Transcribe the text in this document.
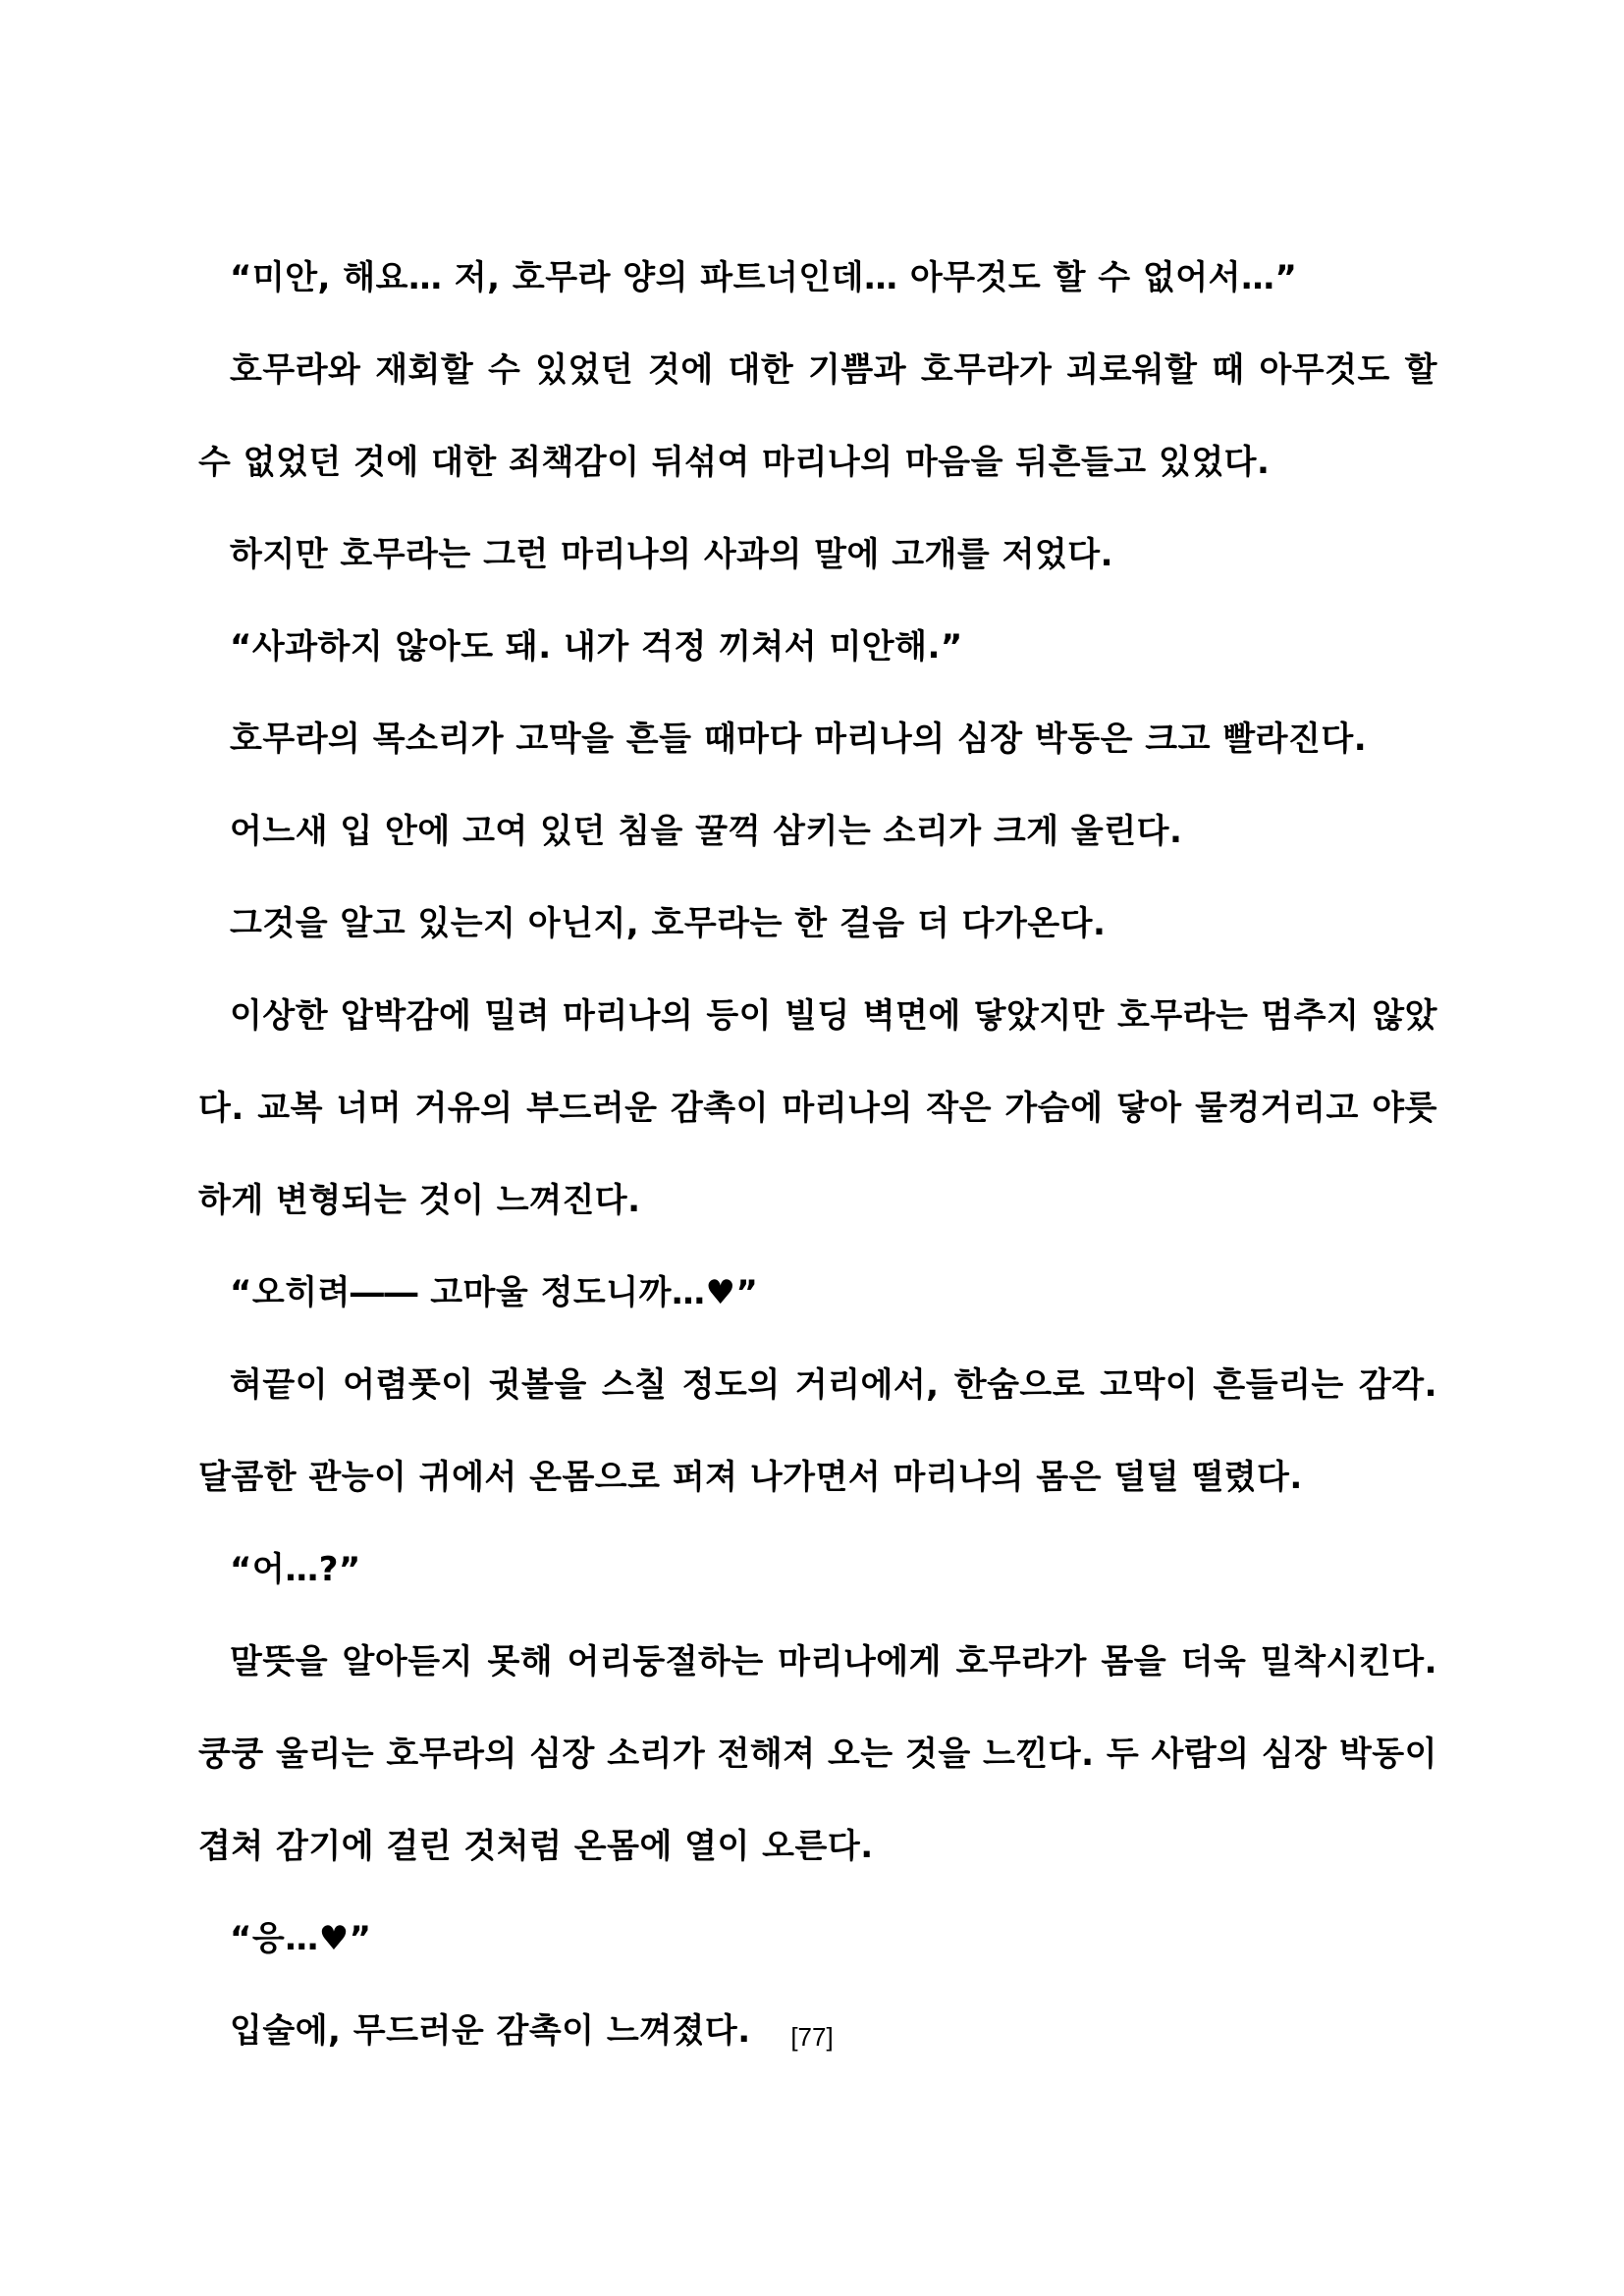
“미안, 해요… 저, 호무라 양의 파트너인데… 아무것도 할 수 없어서…”

호무라와 재회할 수 있었던 것에 대한 기쁨과 호무라가 괴로워할 때 아무것도 할 수 없었던 것에 대한 죄책감이 뒤섞여 마리나의 마음을 뒤흔들고 있었다.

하지만 호무라는 그런 마리나의 사과의 말에 고개를 저었다.

“사과하지 않아도 돼. 내가 걱정 끼쳐서 미안해.”

호무라의 목소리가 고막을 흔들 때마다 마리나의 심장 박동은 크고 빨라진다.

어느새 입 안에 고여 있던 침을 꿀꺽 삼키는 소리가 크게 울린다.

그것을 알고 있는지 아닌지, 호무라는 한 걸음 더 다가온다.

이상한 압박감에 밀려 마리나의 등이 빌딩 벽면에 닿았지만 호무라는 멈추지 않았다. 교복 너머 거유의 부드러운 감촉이 마리나의 작은 가슴에 닿아 물컹거리고 야릇하게 변형되는 것이 느껴진다.

“오히려―― 고마울 정도니까…♥”

혀끝이 어렴풋이 귓볼을 스칠 정도의 거리에서, 한숨으로 고막이 흔들리는 감각. 달콤한 관능이 귀에서 온몸으로 퍼져 나가면서 마리나의 몸은 덜덜 떨렸다.

“어…?”

말뜻을 알아듣지 못해 어리둥절하는 마리나에게 호무라가 몸을 더욱 밀착시킨다. 쿵쿵 울리는 호무라의 심장 소리가 전해져 오는 것을 느낀다. 두 사람의 심장 박동이 겹쳐 감기에 걸린 것처럼 온몸에 열이 오른다.

“응…♥”

입술에, 무드러운 감촉이 느껴졌다.	[77]
